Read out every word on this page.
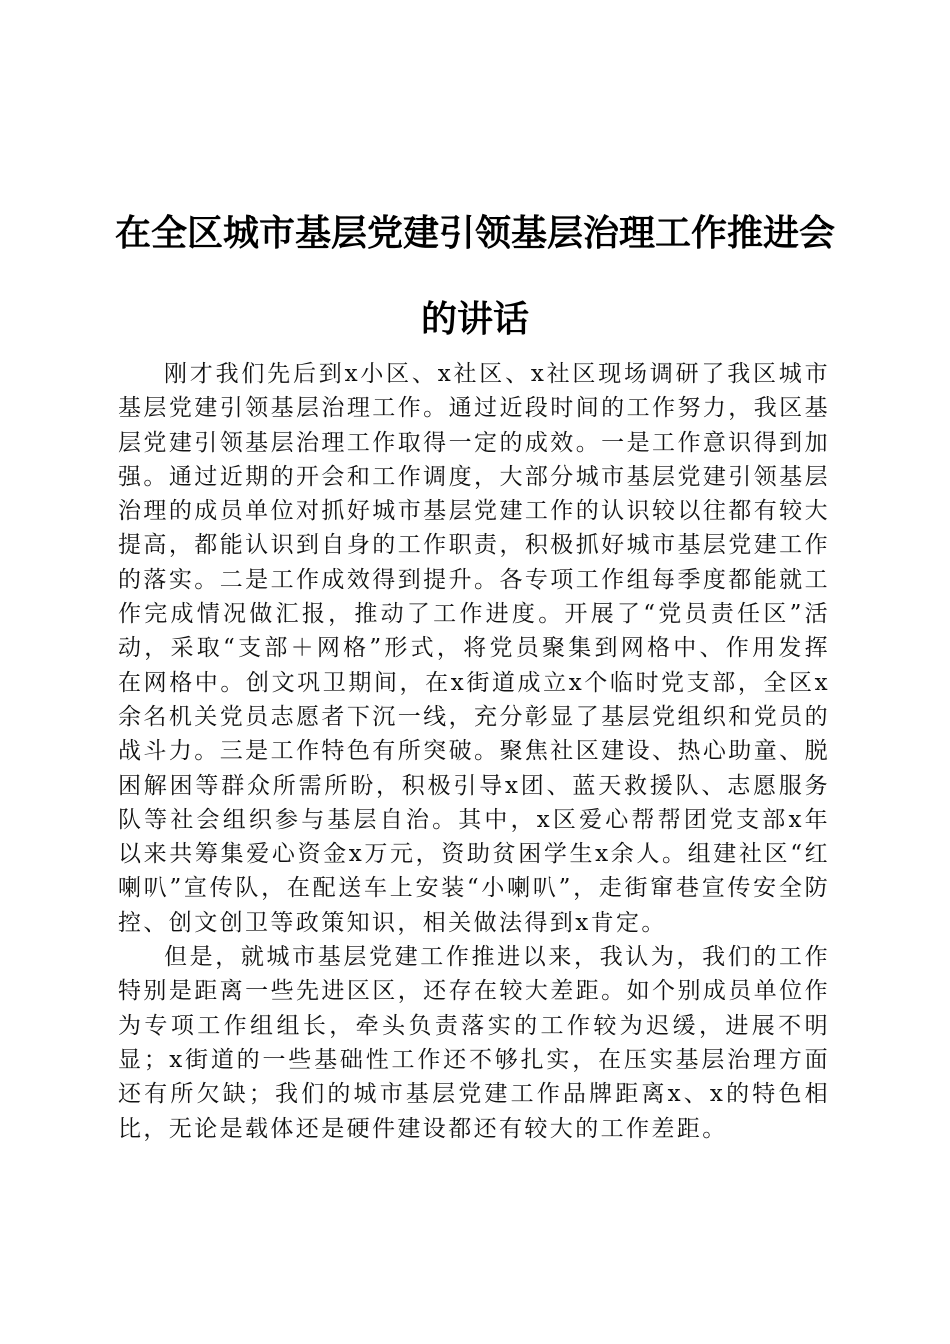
在全区城市基层党建引领基层治理工作推进会
的讲话

刚才我们先后到x小区、x社区、x社区现场调研了我区城市基层党建引领基层治理工作。通过近段时间的工作努力，我区基层党建引领基层治理工作取得一定的成效。一是工作意识得到加强。通过近期的开会和工作调度，大部分城市基层党建引领基层治理的成员单位对抓好城市基层党建工作的认识较以往都有较大提高，都能认识到自身的工作职责，积极抓好城市基层党建工作的落实。二是工作成效得到提升。各专项工作组每季度都能就工作完成情况做汇报，推动了工作进度。开展了“党员责任区”活动，采取“支部＋网格”形式，将党员聚集到网格中、作用发挥在网格中。创文巩卫期间，在x街道成立x个临时党支部，全区x余名机关党员志愿者下沉一线，充分彰显了基层党组织和党员的战斗力。三是工作特色有所突破。聚焦社区建设、热心助童、脱困解困等群众所需所盼，积极引导x团、蓝天救援队、志愿服务队等社会组织参与基层自治。其中，x区爱心帮帮团党支部x年以来共筹集爱心资金x万元，资助贫困学生x余人。组建社区“红喇叭”宣传队，在配送车上安装“小喇叭”，走街窜巷宣传安全防控、创文创卫等政策知识，相关做法得到x肯定。

但是，就城市基层党建工作推进以来，我认为，我们的工作特别是距离一些先进区区，还存在较大差距。如个别成员单位作为专项工作组组长，牵头负责落实的工作较为迟缓，进展不明显；x街道的一些基础性工作还不够扎实，在压实基层治理方面还有所欠缺；我们的城市基层党建工作品牌距离x、x的特色相比，无论是载体还是硬件建设都还有较大的工作差距。
